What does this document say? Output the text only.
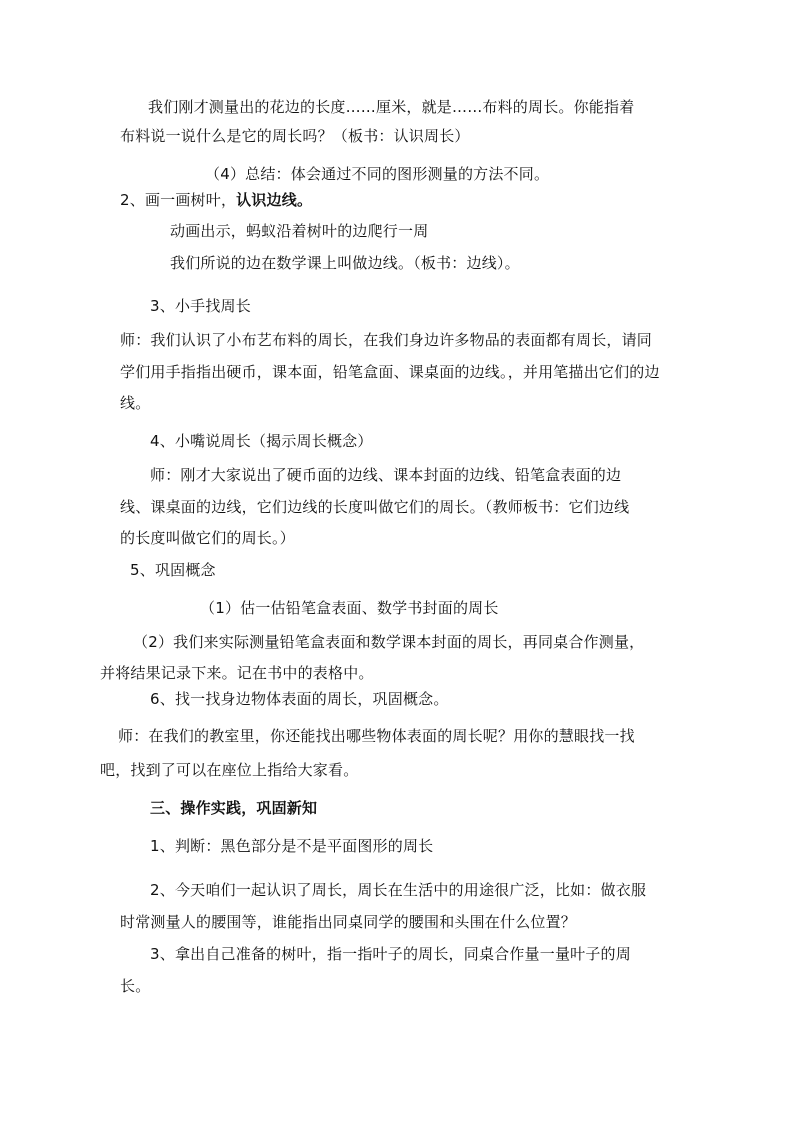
我们刚才测量出的花边的长度……厘米，就是……布料的周长。你能指着
布料说一说什么是它的周长吗？（板书：认识周长）
（4）总结：体会通过不同的图形测量的方法不同。
2、画一画树叶，认识边线。
动画出示，蚂蚁沿着树叶的边爬行一周
我们所说的边在数学课上叫做边线。（板书：边线）。
3、小手找周长
师：我们认识了小布艺布料的周长，在我们身边许多物品的表面都有周长，请同
学们用手指指出硬币，课本面，铅笔盒面、课桌面的边线。，并用笔描出它们的边
线。
4、小嘴说周长（揭示周长概念）
师：刚才大家说出了硬币面的边线、课本封面的边线、铅笔盒表面的边
线、课桌面的边线，它们边线的长度叫做它们的周长。（教师板书：它们边线
的长度叫做它们的周长。）
5、巩固概念
（1）估一估铅笔盒表面、数学书封面的周长
（2）我们来实际测量铅笔盒表面和数学课本封面的周长，再同桌合作测量，
并将结果记录下来。记在书中的表格中。
6、找一找身边物体表面的周长，巩固概念。
师：在我们的教室里，你还能找出哪些物体表面的周长呢？用你的慧眼找一找
吧，找到了可以在座位上指给大家看。
三、操作实践，巩固新知
1、判断：黑色部分是不是平面图形的周长
2、今天咱们一起认识了周长，周长在生活中的用途很广泛，比如：做衣服
时常测量人的腰围等，谁能指出同桌同学的腰围和头围在什么位置？
3、拿出自己准备的树叶，指一指叶子的周长，同桌合作量一量叶子的周
长。
